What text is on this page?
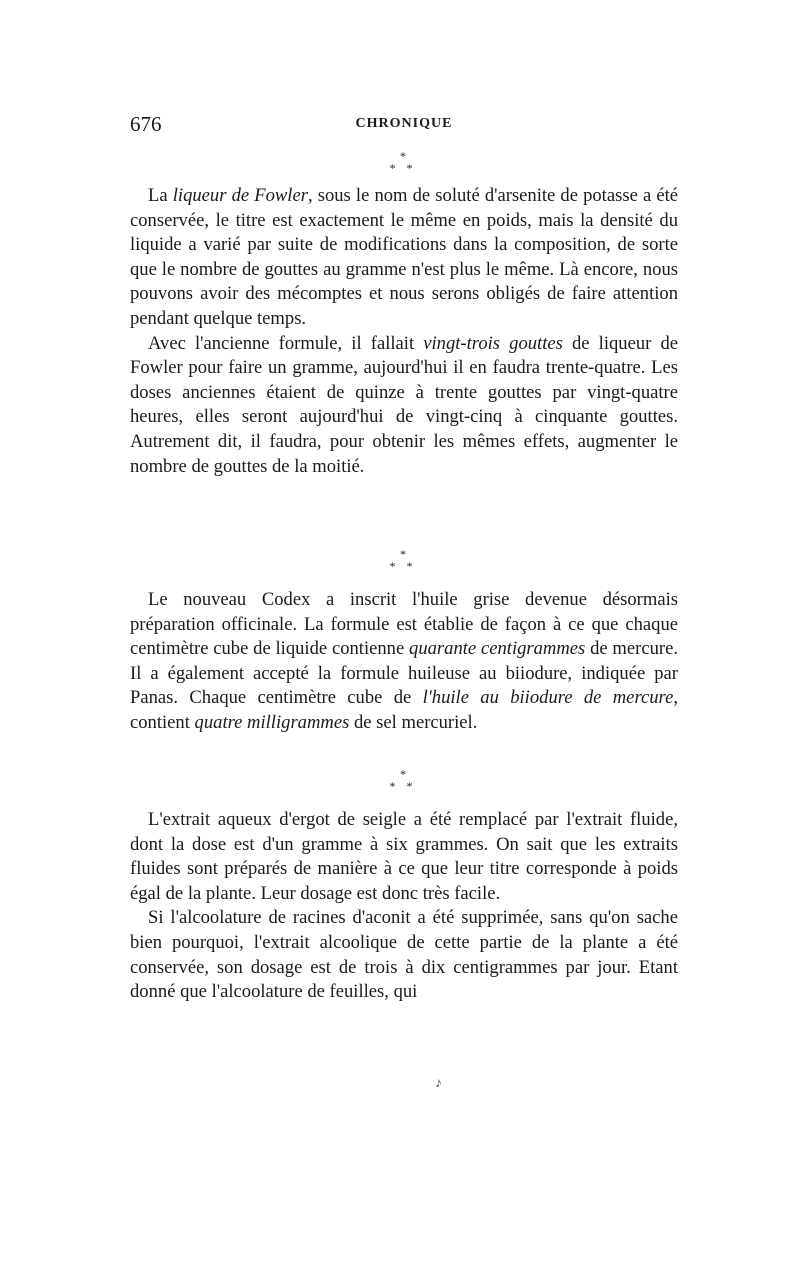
676	CHRONIQUE
*
* *

La liqueur de Fowler, sous le nom de soluté d'arsenite de potasse a été conservée, le titre est exactement le même en poids, mais la densité du liquide a varié par suite de modifications dans la composition, de sorte que le nombre de gouttes au gramme n'est plus le même. Là encore, nous pouvons avoir des mécomptes et nous serons obligés de faire attention pendant quelque temps.

Avec l'ancienne formule, il fallait vingt-trois gouttes de liqueur de Fowler pour faire un gramme, aujourd'hui il en faudra trente-quatre. Les doses anciennes étaient de quinze à trente gouttes par vingt-quatre heures, elles seront aujourd'hui de vingt-cinq à cinquante gouttes. Autrement dit, il faudra, pour obtenir les mêmes effets, augmenter le nombre de gouttes de la moitié.

*
* *

Le nouveau Codex a inscrit l'huile grise devenue désormais préparation officinale. La formule est établie de façon à ce que chaque centimètre cube de liquide contienne quarante centigrammes de mercure. Il a également accepté la formule huileuse au biiodure, indiquée par Panas. Chaque centimètre cube de l'huile au biiodure de mercure, contient quatre milligrammes de sel mercuriel.

*
* *

L'extrait aqueux d'ergot de seigle a été remplacé par l'extrait fluide, dont la dose est d'un gramme à six grammes. On sait que les extraits fluides sont préparés de manière à ce que leur titre corresponde à poids égal de la plante. Leur dosage est donc très facile.

Si l'alcoolature de racines d'aconit a été supprimée, sans qu'on sache bien pourquoi, l'extrait alcoolique de cette partie de la plante a été conservée, son dosage est de trois à dix centigrammes par jour. Etant donné que l'alcoolature de feuilles, qui

♪
